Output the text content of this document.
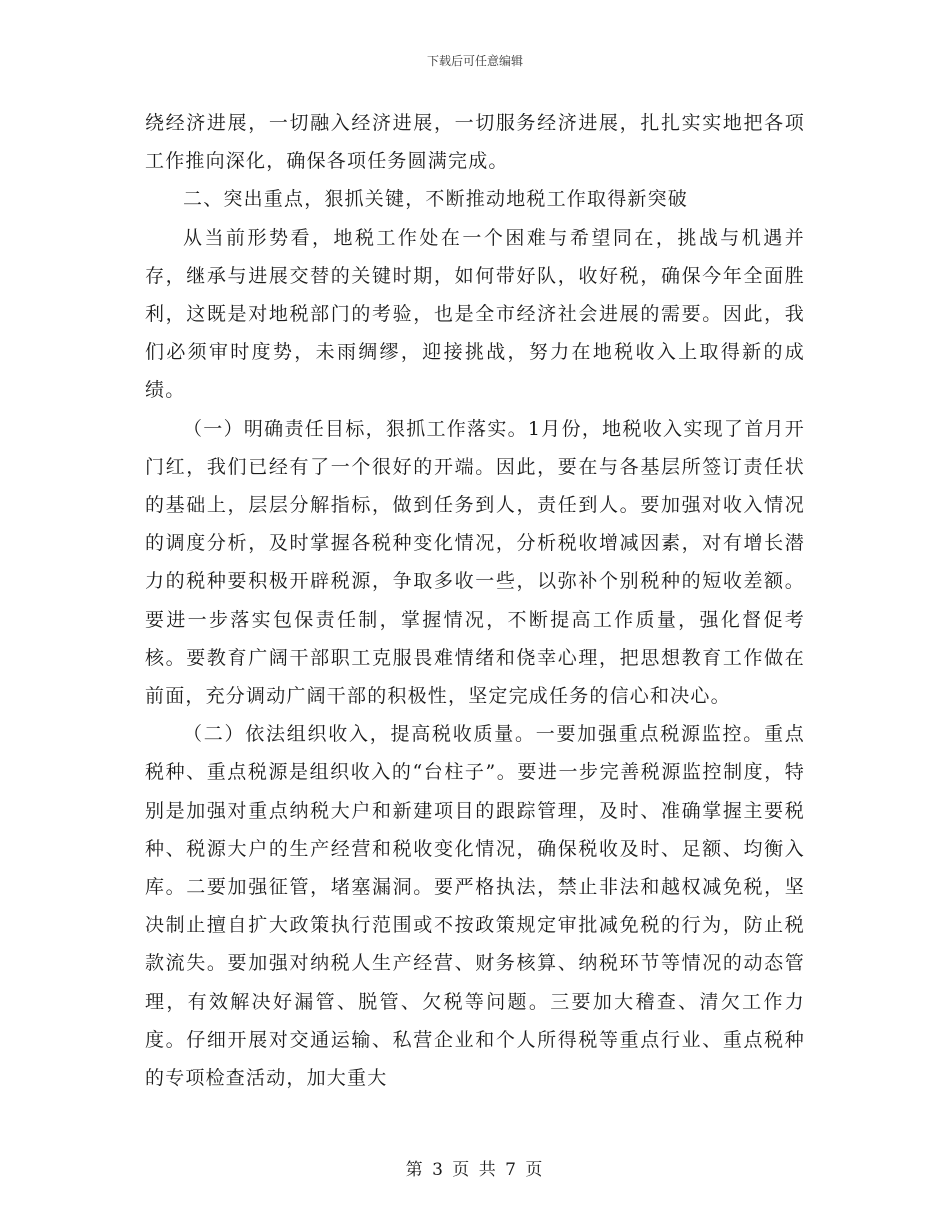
下载后可任意编辑

绕经济进展，一切融入经济进展，一切服务经济进展，扎扎实实地把各项工作推向深化，确保各项任务圆满完成。

二、突出重点，狠抓关键，不断推动地税工作取得新突破

从当前形势看，地税工作处在一个困难与希望同在，挑战与机遇并存，继承与进展交替的关键时期，如何带好队，收好税，确保今年全面胜利，这既是对地税部门的考验，也是全市经济社会进展的需要。因此，我们必须审时度势，未雨绸缪，迎接挑战，努力在地税收入上取得新的成绩。

（一）明确责任目标，狠抓工作落实。1月份，地税收入实现了首月开门红，我们已经有了一个很好的开端。因此，要在与各基层所签订责任状的基础上，层层分解指标，做到任务到人，责任到人。要加强对收入情况的调度分析，及时掌握各税种变化情况，分析税收增减因素，对有增长潜力的税种要积极开辟税源，争取多收一些，以弥补个别税种的短收差额。要进一步落实包保责任制，掌握情况，不断提高工作质量，强化督促考核。要教育广阔干部职工克服畏难情绪和侥幸心理，把思想教育工作做在前面，充分调动广阔干部的积极性，坚定完成任务的信心和决心。

（二）依法组织收入，提高税收质量。一要加强重点税源监控。重点税种、重点税源是组织收入的“台柱子”。要进一步完善税源监控制度，特别是加强对重点纳税大户和新建项目的跟踪管理，及时、准确掌握主要税种、税源大户的生产经营和税收变化情况，确保税收及时、足额、均衡入库。二要加强征管，堵塞漏洞。要严格执法，禁止非法和越权减免税，坚决制止擅自扩大政策执行范围或不按政策规定审批减免税的行为，防止税款流失。要加强对纳税人生产经营、财务核算、纳税环节等情况的动态管理，有效解决好漏管、脱管、欠税等问题。三要加大稽查、清欠工作力度。仔细开展对交通运输、私营企业和个人所得税等重点行业、重点税种的专项检查活动，加大重大

第 3 页 共 7 页
